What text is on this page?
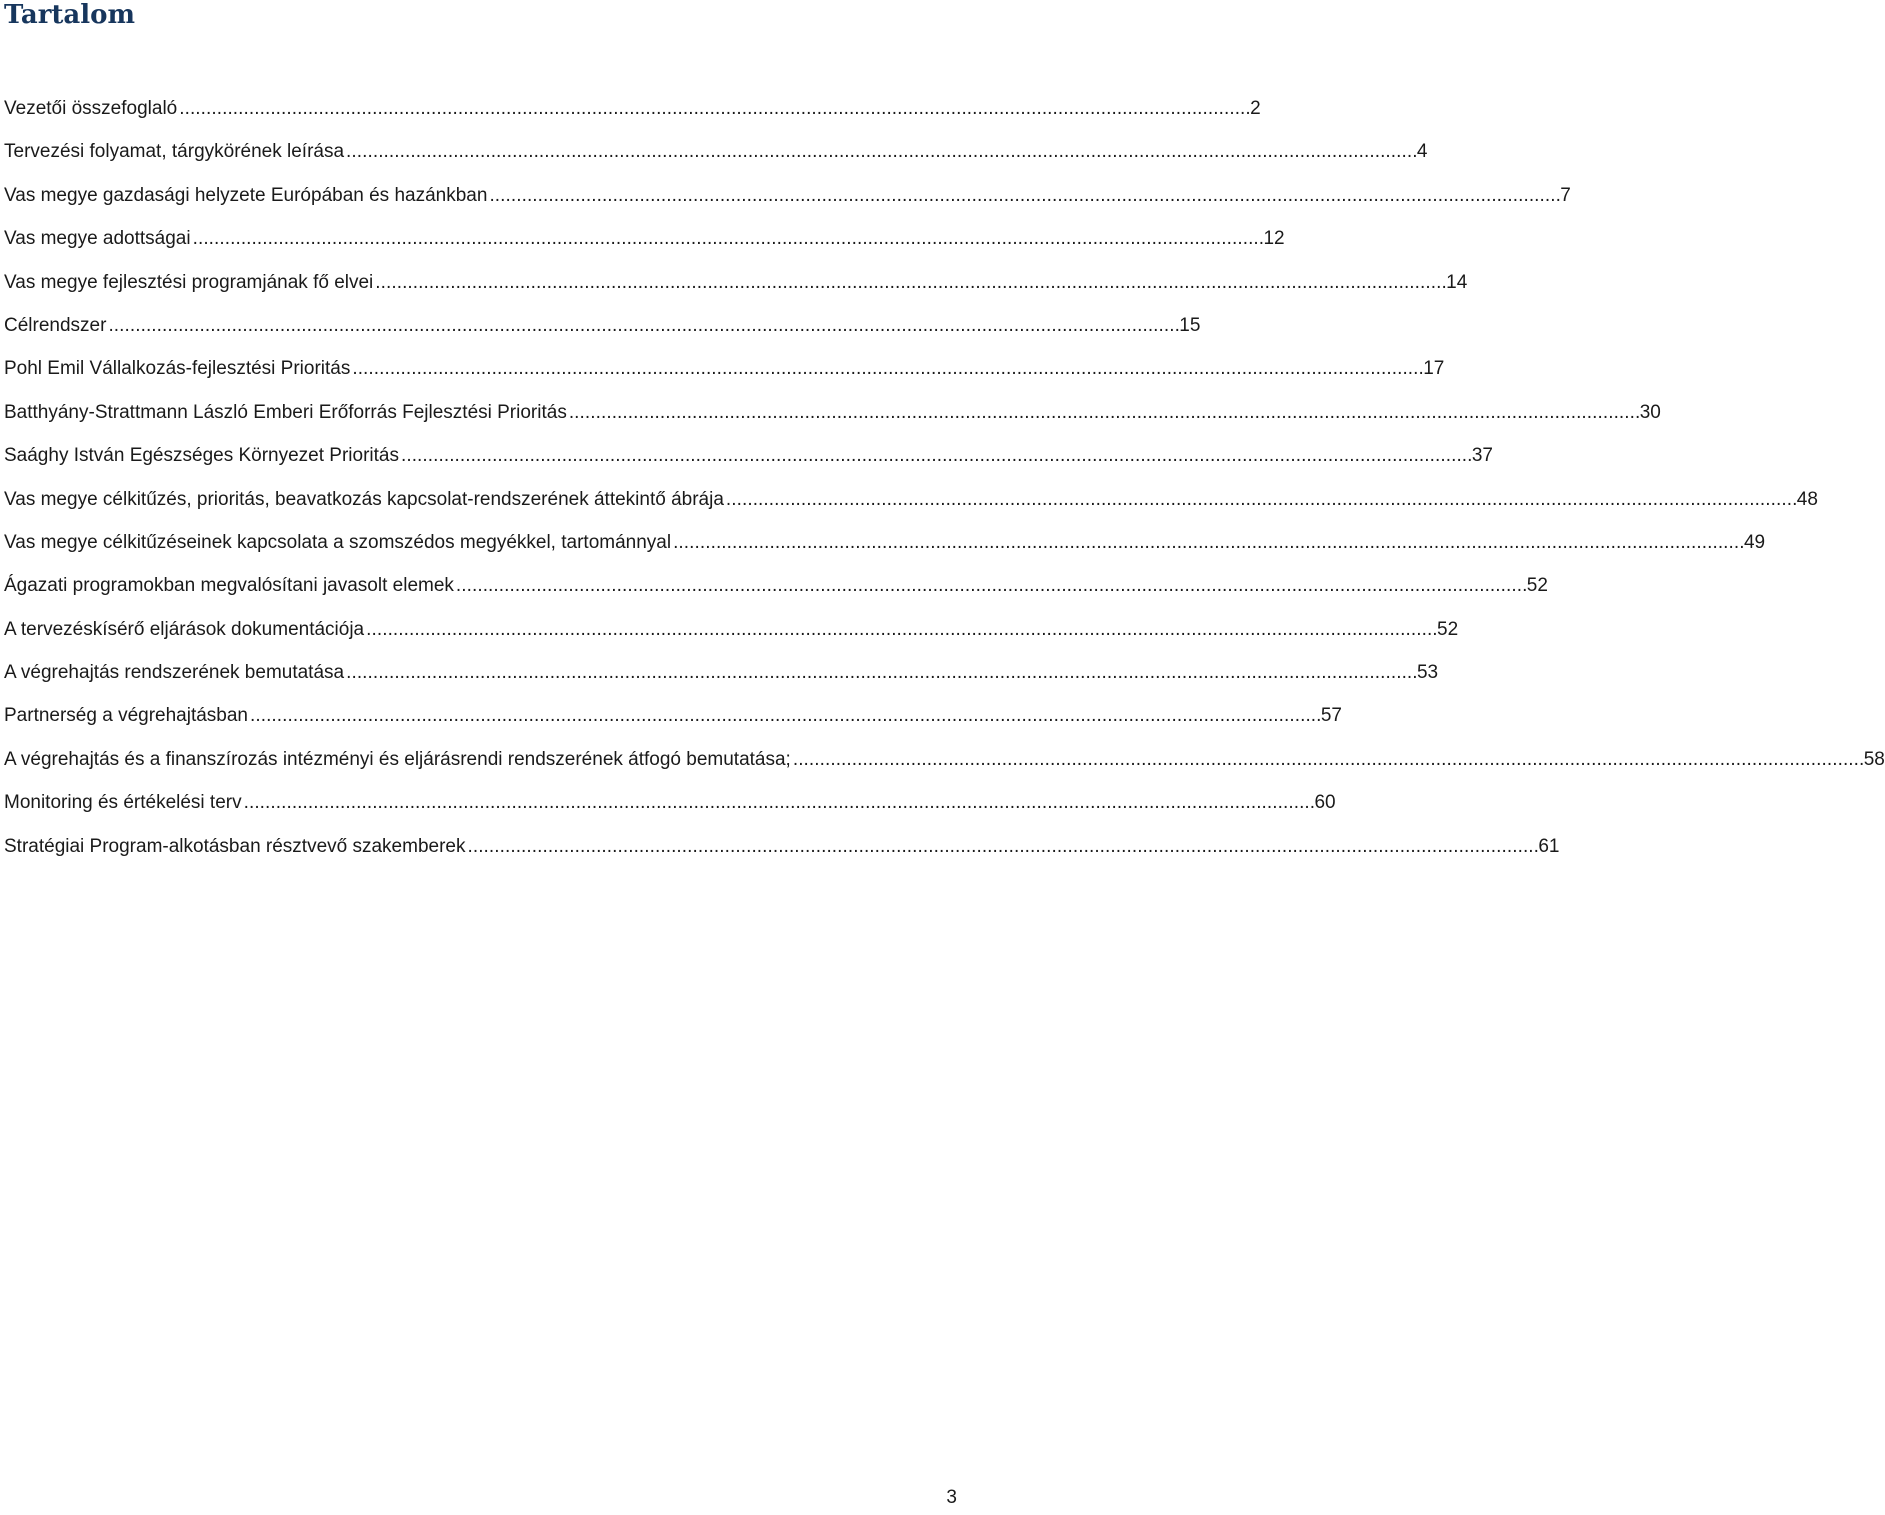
Tartalom
Vezetői összefoglaló . . .	2
Tervezési folyamat, tárgykörének leírása . . .	4
Vas megye gazdasági helyzete Európában és hazánkban . . .	7
Vas megye adottságai . . .	12
Vas megye fejlesztési programjának fő elvei . . .	14
Célrendszer . . .	15
Pohl Emil Vállalkozás-fejlesztési Prioritás . . .	17
Batthyány-Strattmann László Emberi Erőforrás Fejlesztési Prioritás . . .	30
Saághy István Egészséges Környezet Prioritás . . .	37
Vas megye célkitűzés, prioritás, beavatkozás kapcsolat-rendszerének áttekintő ábrája . . .	48
Vas megye célkitűzéseinek kapcsolata a szomszédos megyékkel, tartománnyal . . .	49
Ágazati programokban megvalósítani javasolt elemek . . .	52
A tervezéskísérő eljárások dokumentációja . . .	52
A végrehajtás rendszerének bemutatása . . .	53
Partnerség a végrehajtásban . . .	57
A végrehajtás és a finanszírozás intézményi és eljárásrendi rendszerének átfogó bemutatása; . . .	58
Monitoring és értékelési terv . . .	60
Stratégiai Program-alkotásban résztvevő szakemberek . . .	61
3
